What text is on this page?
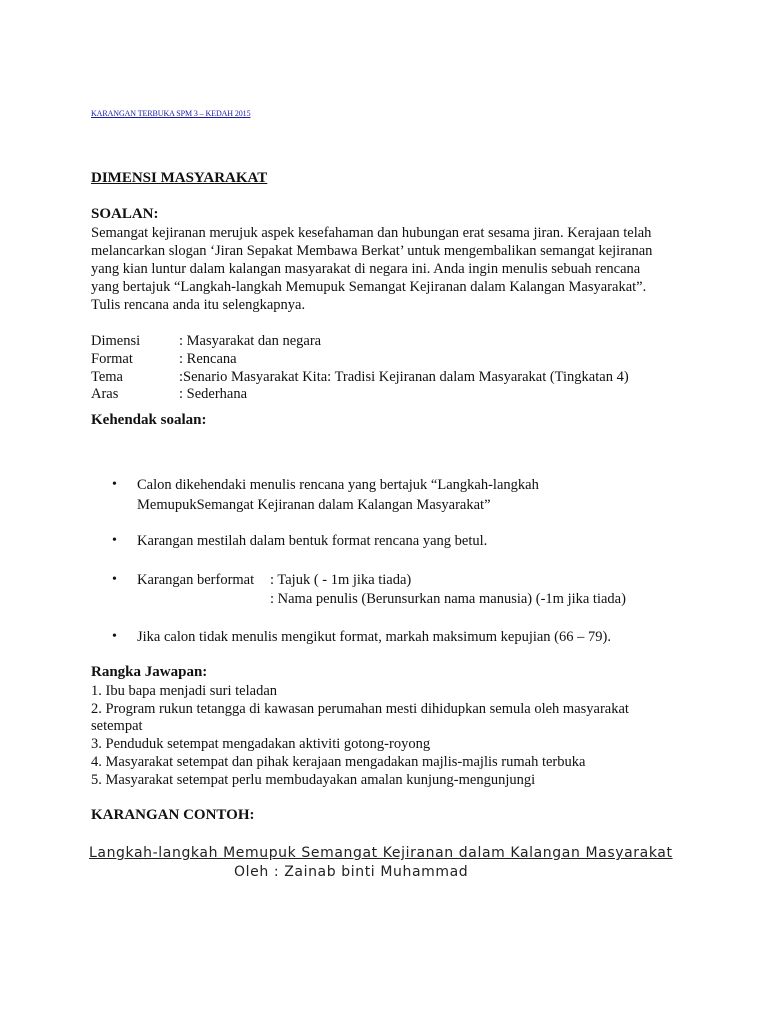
KARANGAN TERBUKA SPM 3 – KEDAH 2015
DIMENSI MASYARAKAT
SOALAN:
Semangat kejiranan merujuk aspek kesefahaman dan hubungan erat sesama jiran. Kerajaan telah
melancarkan slogan ‘Jiran Sepakat Membawa Berkat’ untuk mengembalikan semangat kejiranan
yang kian luntur dalam kalangan masyarakat di negara ini. Anda ingin menulis sebuah rencana
yang bertajuk “Langkah-langkah Memupuk Semangat Kejiranan dalam Kalangan Masyarakat”.
Tulis rencana anda itu selengkapnya.
Dimensi	: Masyarakat dan negara
Format	: Rencana
Tema	:Senario Masyarakat Kita: Tradisi Kejiranan dalam Masyarakat (Tingkatan 4)
Aras	: Sederhana
Kehendak soalan:
• Calon dikehendaki menulis rencana yang bertajuk “Langkah-langkah
MemupukSemangat Kejiranan dalam Kalangan Masyarakat”
• Karangan mestilah dalam bentuk format rencana yang betul.
• Karangan berformat : Tajuk ( - 1m jika tiada)
: Nama penulis (Berunsurkan nama manusia) (-1m jika tiada)
• Jika calon tidak menulis mengikut format, markah maksimum kepujian (66 – 79).
Rangka Jawapan:
1. Ibu bapa menjadi suri teladan
2. Program rukun tetangga di kawasan perumahan mesti dihidupkan semula oleh masyarakat
setempat
3. Penduduk setempat mengadakan aktiviti gotong-royong
4. Masyarakat setempat dan pihak kerajaan mengadakan majlis-majlis rumah terbuka
5. Masyarakat setempat perlu membudayakan amalan kunjung-mengunjungi
KARANGAN CONTOH:
Langkah-langkah Memupuk Semangat Kejiranan dalam Kalangan Masyarakat
Oleh : Zainab binti Muhammad
